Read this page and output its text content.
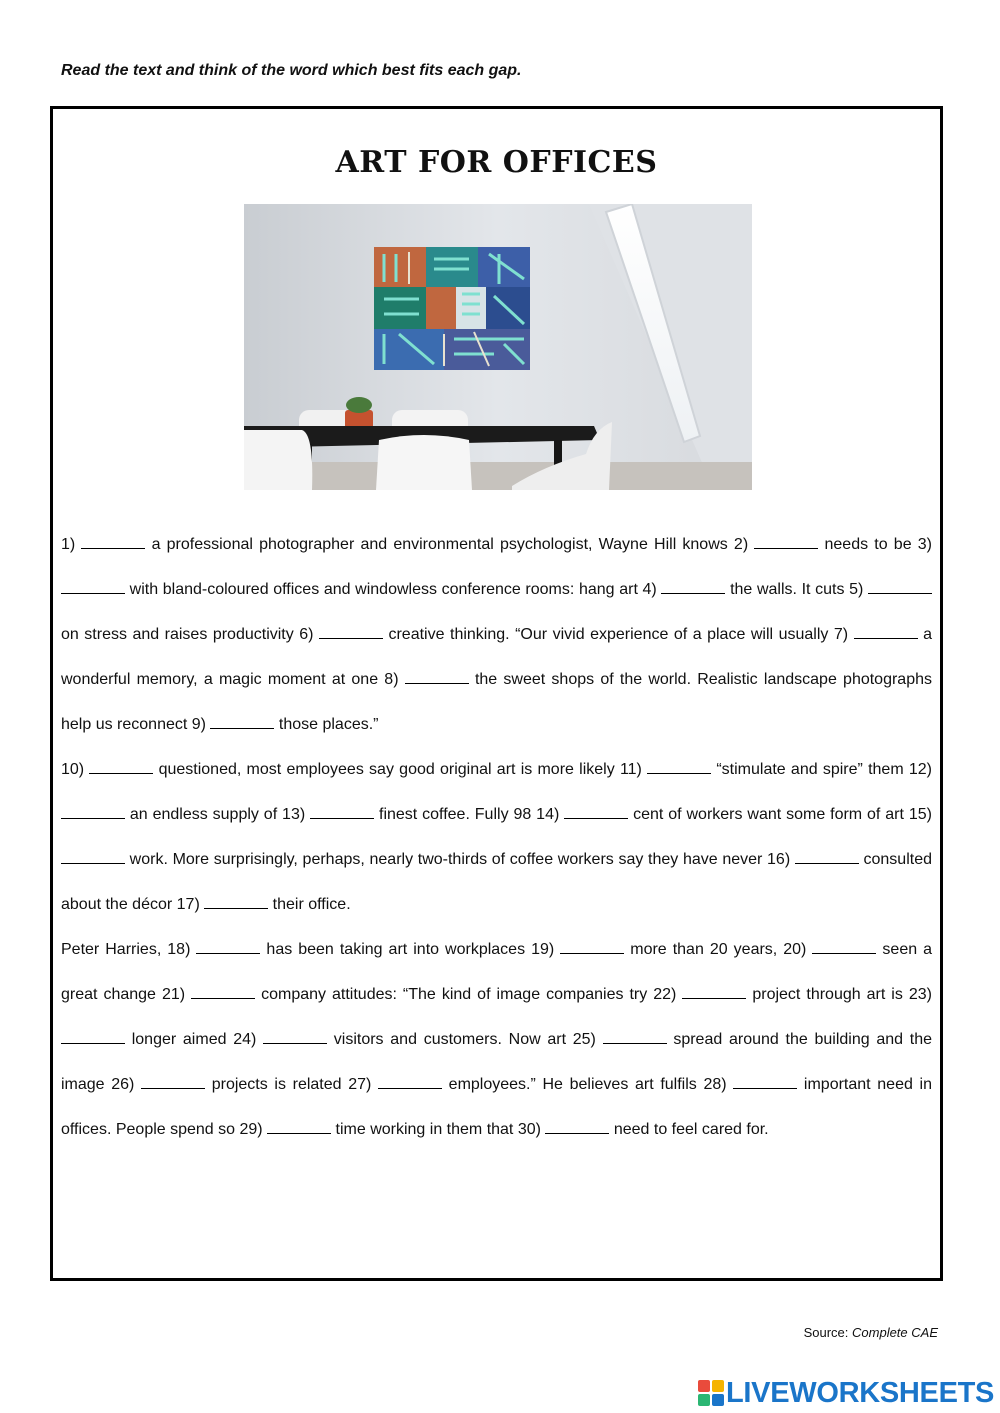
Read the text and think of the word which best fits each gap.
ART FOR OFFICES
1)	a professional photographer and environmental psychologist, Wayne Hill knows 2)	needs to be 3)  with bland-coloured offices and windowless conference rooms: hang art 4)	the walls. It cuts 5)  on stress and raises productivity 6)	creative thinking. “Our vivid experience of a place will usually 7)	a wonderful memory, a magic moment at one 8)	the sweet shops of the world. Realistic landscape photographs help us reconnect 9)	those places.”
10)	questioned, most employees say good original art is more likely 11)	“stimulate and spire” them 12)  an endless supply of 13)	finest coffee. Fully 98 14)	cent of workers want some form of art 15)  work. More surprisingly, perhaps, nearly two-thirds of coffee workers say they have never 16)	consulted about the décor 17)	their office.
Peter Harries, 18)	has been taking art into workplaces 19)	more than 20 years, 20)	seen a great change 21)	company attitudes: “The kind of image companies try 22)	project through art is 23)  longer aimed 24)	visitors and customers. Now art 25)	spread around the building and the image 26)	projects is related 27)	employees.” He believes art fulfils 28)	important need in offices. People spend so 29)	time working in them that 30)	need to feel cared for.
Source: Complete CAE
LIVEWORKSHEETS
